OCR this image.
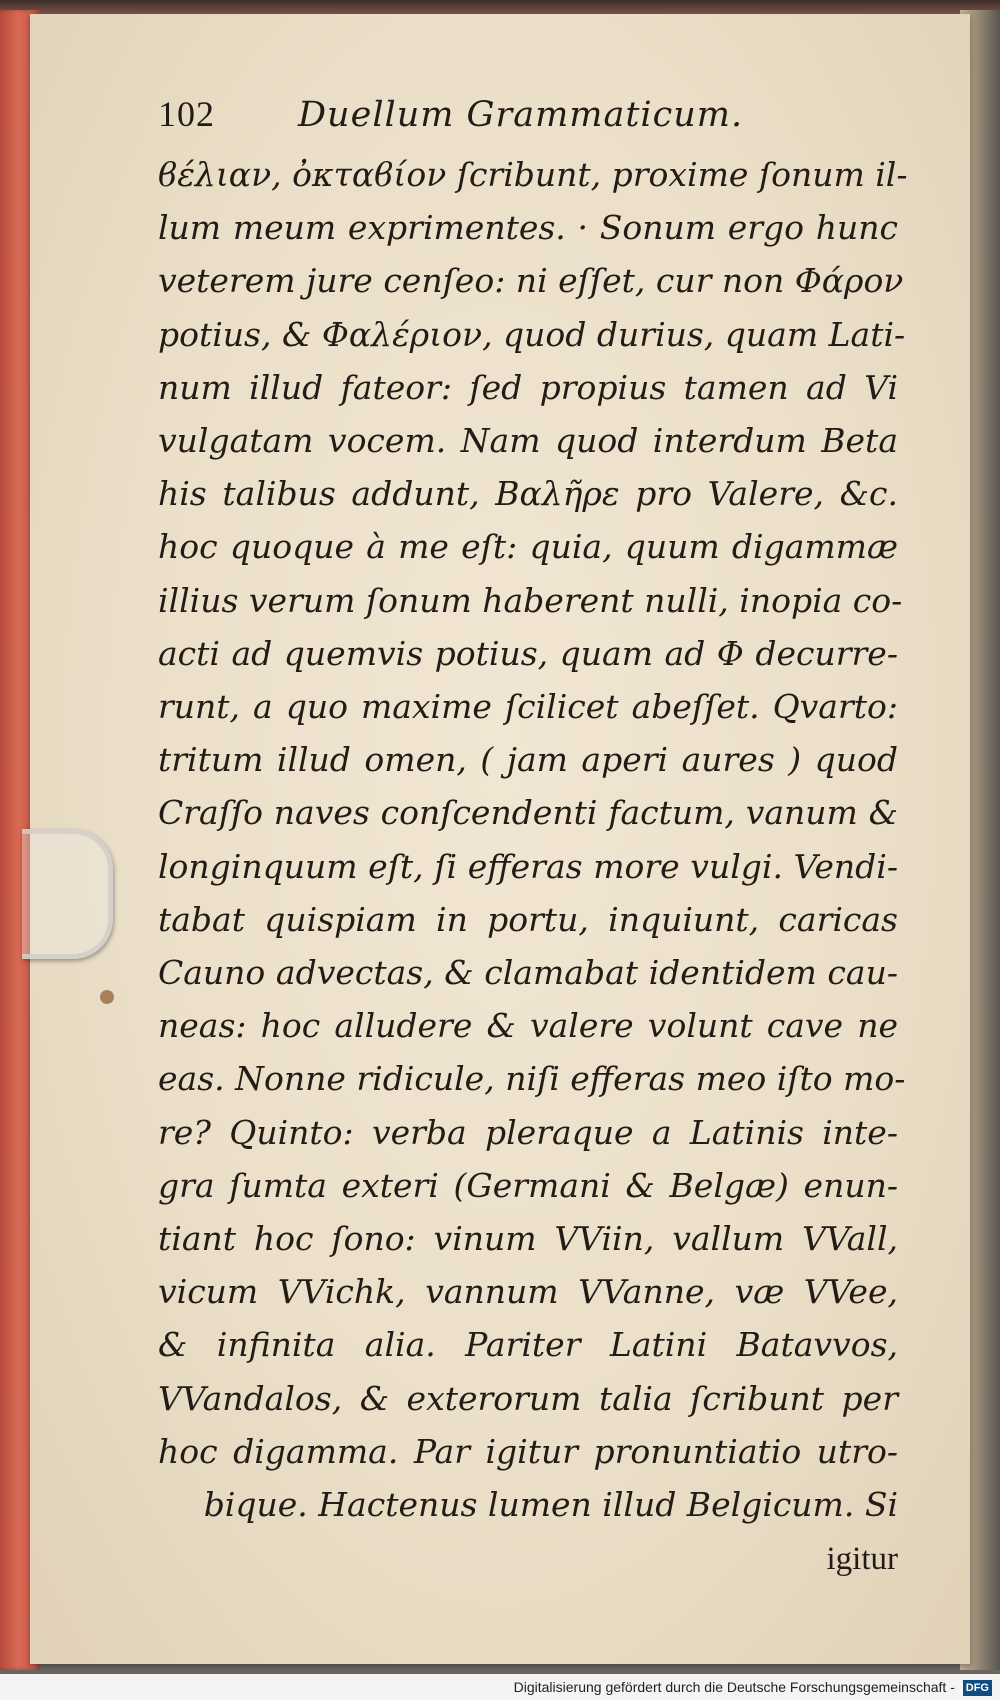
102	Duellum Grammaticum.
ϐέλιαν, ὀκταϐίον ſcribunt, proxime ſonum il-
lum meum exprimentes. · Sonum ergo hunc
veterem jure cenſeo: ni eſſet, cur non Φάρον
potius, & Φαλέριον, quod durius, quam Lati-
num illud fateor: ſed propius tamen ad Vi
vulgatam vocem. Nam quod interdum Beta
his talibus addunt, Βαλῆρε pro Valere, &c.
hoc quoque à me eſt: quia, quum digammæ
illius verum ſonum haberent nulli, inopia co-
acti ad quemvis potius, quam ad Φ decurre-
runt, a quo maxime ſcilicet abeſſet. Qvarto:
tritum illud omen, ( jam aperi aures ) quod
Craſſo naves conſcendenti factum, vanum &
longinquum eſt, ſi efferas more vulgi. Vendi-
tabat quispiam in portu, inquiunt, caricas
Cauno advectas, & clamabat identidem cau-
neas: hoc alludere & valere volunt cave ne
eas. Nonne ridicule, niſi efferas meo iſto mo-
re? Quinto: verba pleraque a Latinis inte-
gra ſumta exteri (Germani & Belgæ) enun-
tiant hoc ſono: vinum VViin, vallum VVall,
vicum VVichk, vannum VVanne, væ VVee,
& infinita alia. Pariter Latini Batavvos,
VVandalos, & exterorum talia ſcribunt per
hoc digamma. Par igitur pronuntiatio utro-
bique. Hactenus lumen illud Belgicum. Si
igitur
Digitalisierung gefördert durch die Deutsche Forschungsgemeinschaft - DFG
